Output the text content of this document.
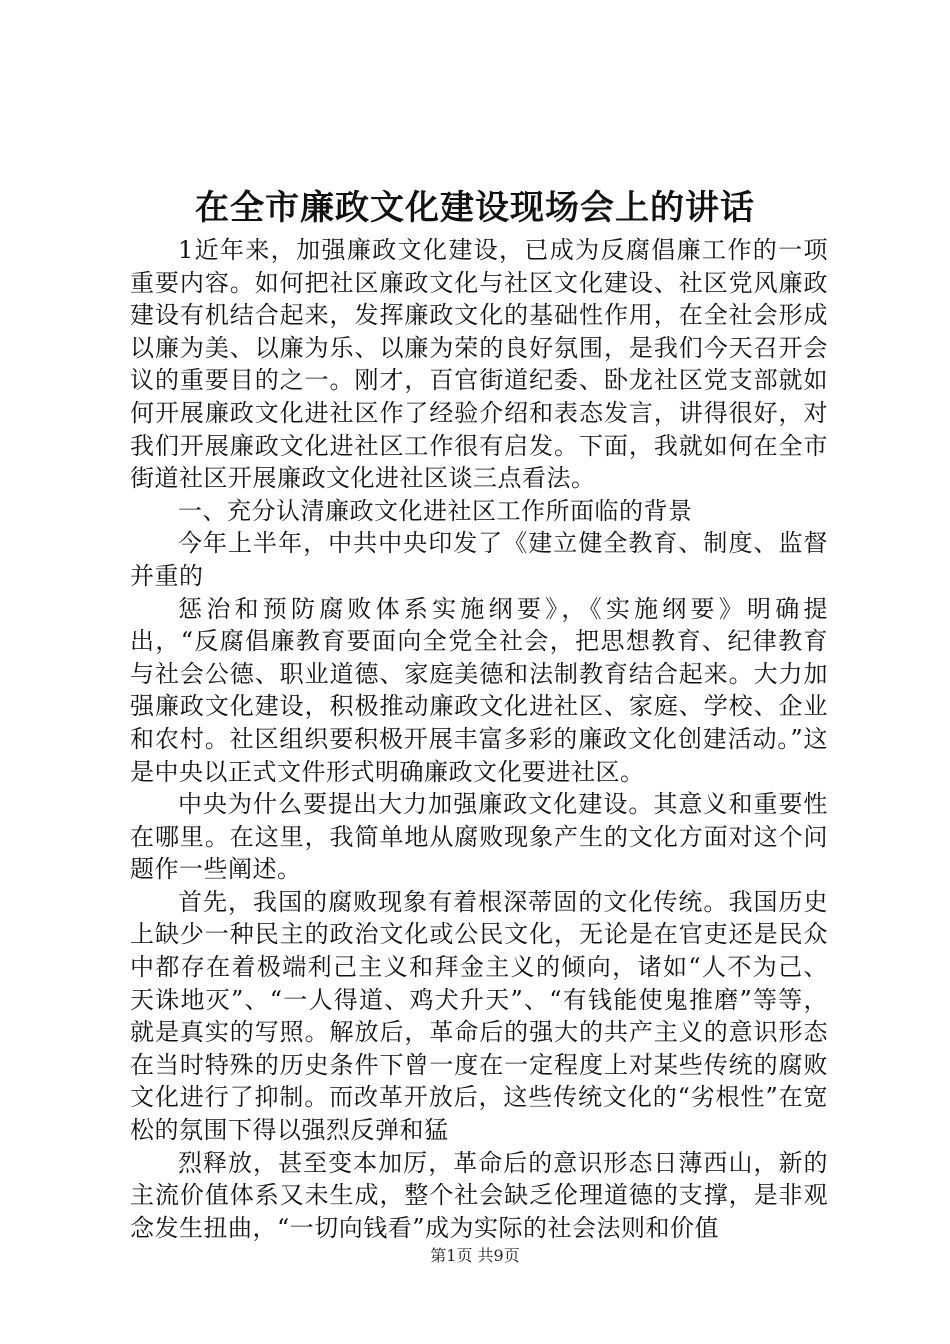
在全市廉政文化建设现场会上的讲话

1近年来，加强廉政文化建设，已成为反腐倡廉工作的一项重要内容。如何把社区廉政文化与社区文化建设、社区党风廉政建设有机结合起来，发挥廉政文化的基础性作用，在全社会形成以廉为美、以廉为乐、以廉为荣的良好氛围，是我们今天召开会议的重要目的之一。刚才，百官街道纪委、卧龙社区党支部就如何开展廉政文化进社区作了经验介绍和表态发言，讲得很好，对我们开展廉政文化进社区工作很有启发。下面，我就如何在全市街道社区开展廉政文化进社区谈三点看法。

一、充分认清廉政文化进社区工作所面临的背景

今年上半年，中共中央印发了《建立健全教育、制度、监督并重的

惩治和预防腐败体系实施纲要》，《实施纲要》明确提出，“反腐倡廉教育要面向全党全社会，把思想教育、纪律教育与社会公德、职业道德、家庭美德和法制教育结合起来。大力加强廉政文化建设，积极推动廉政文化进社区、家庭、学校、企业和农村。社区组织要积极开展丰富多彩的廉政文化创建活动。”这是中央以正式文件形式明确廉政文化要进社区。

中央为什么要提出大力加强廉政文化建设。其意义和重要性在哪里。在这里，我简单地从腐败现象产生的文化方面对这个问题作一些阐述。

首先，我国的腐败现象有着根深蒂固的文化传统。我国历史上缺少一种民主的政治文化或公民文化，无论是在官吏还是民众中都存在着极端利己主义和拜金主义的倾向，诸如“人不为己、天诛地灭”、“一人得道、鸡犬升天”、“有钱能使鬼推磨”等等，就是真实的写照。解放后，革命后的强大的共产主义的意识形态在当时特殊的历史条件下曾一度在一定程度上对某些传统的腐败文化进行了抑制。而改革开放后，这些传统文化的“劣根性”在宽松的氛围下得以强烈反弹和猛

烈释放，甚至变本加厉，革命后的意识形态日薄西山，新的主流价值体系又未生成，整个社会缺乏伦理道德的支撑，是非观念发生扭曲，“一切向钱看”成为实际的社会法则和价值

第1页 共9页
